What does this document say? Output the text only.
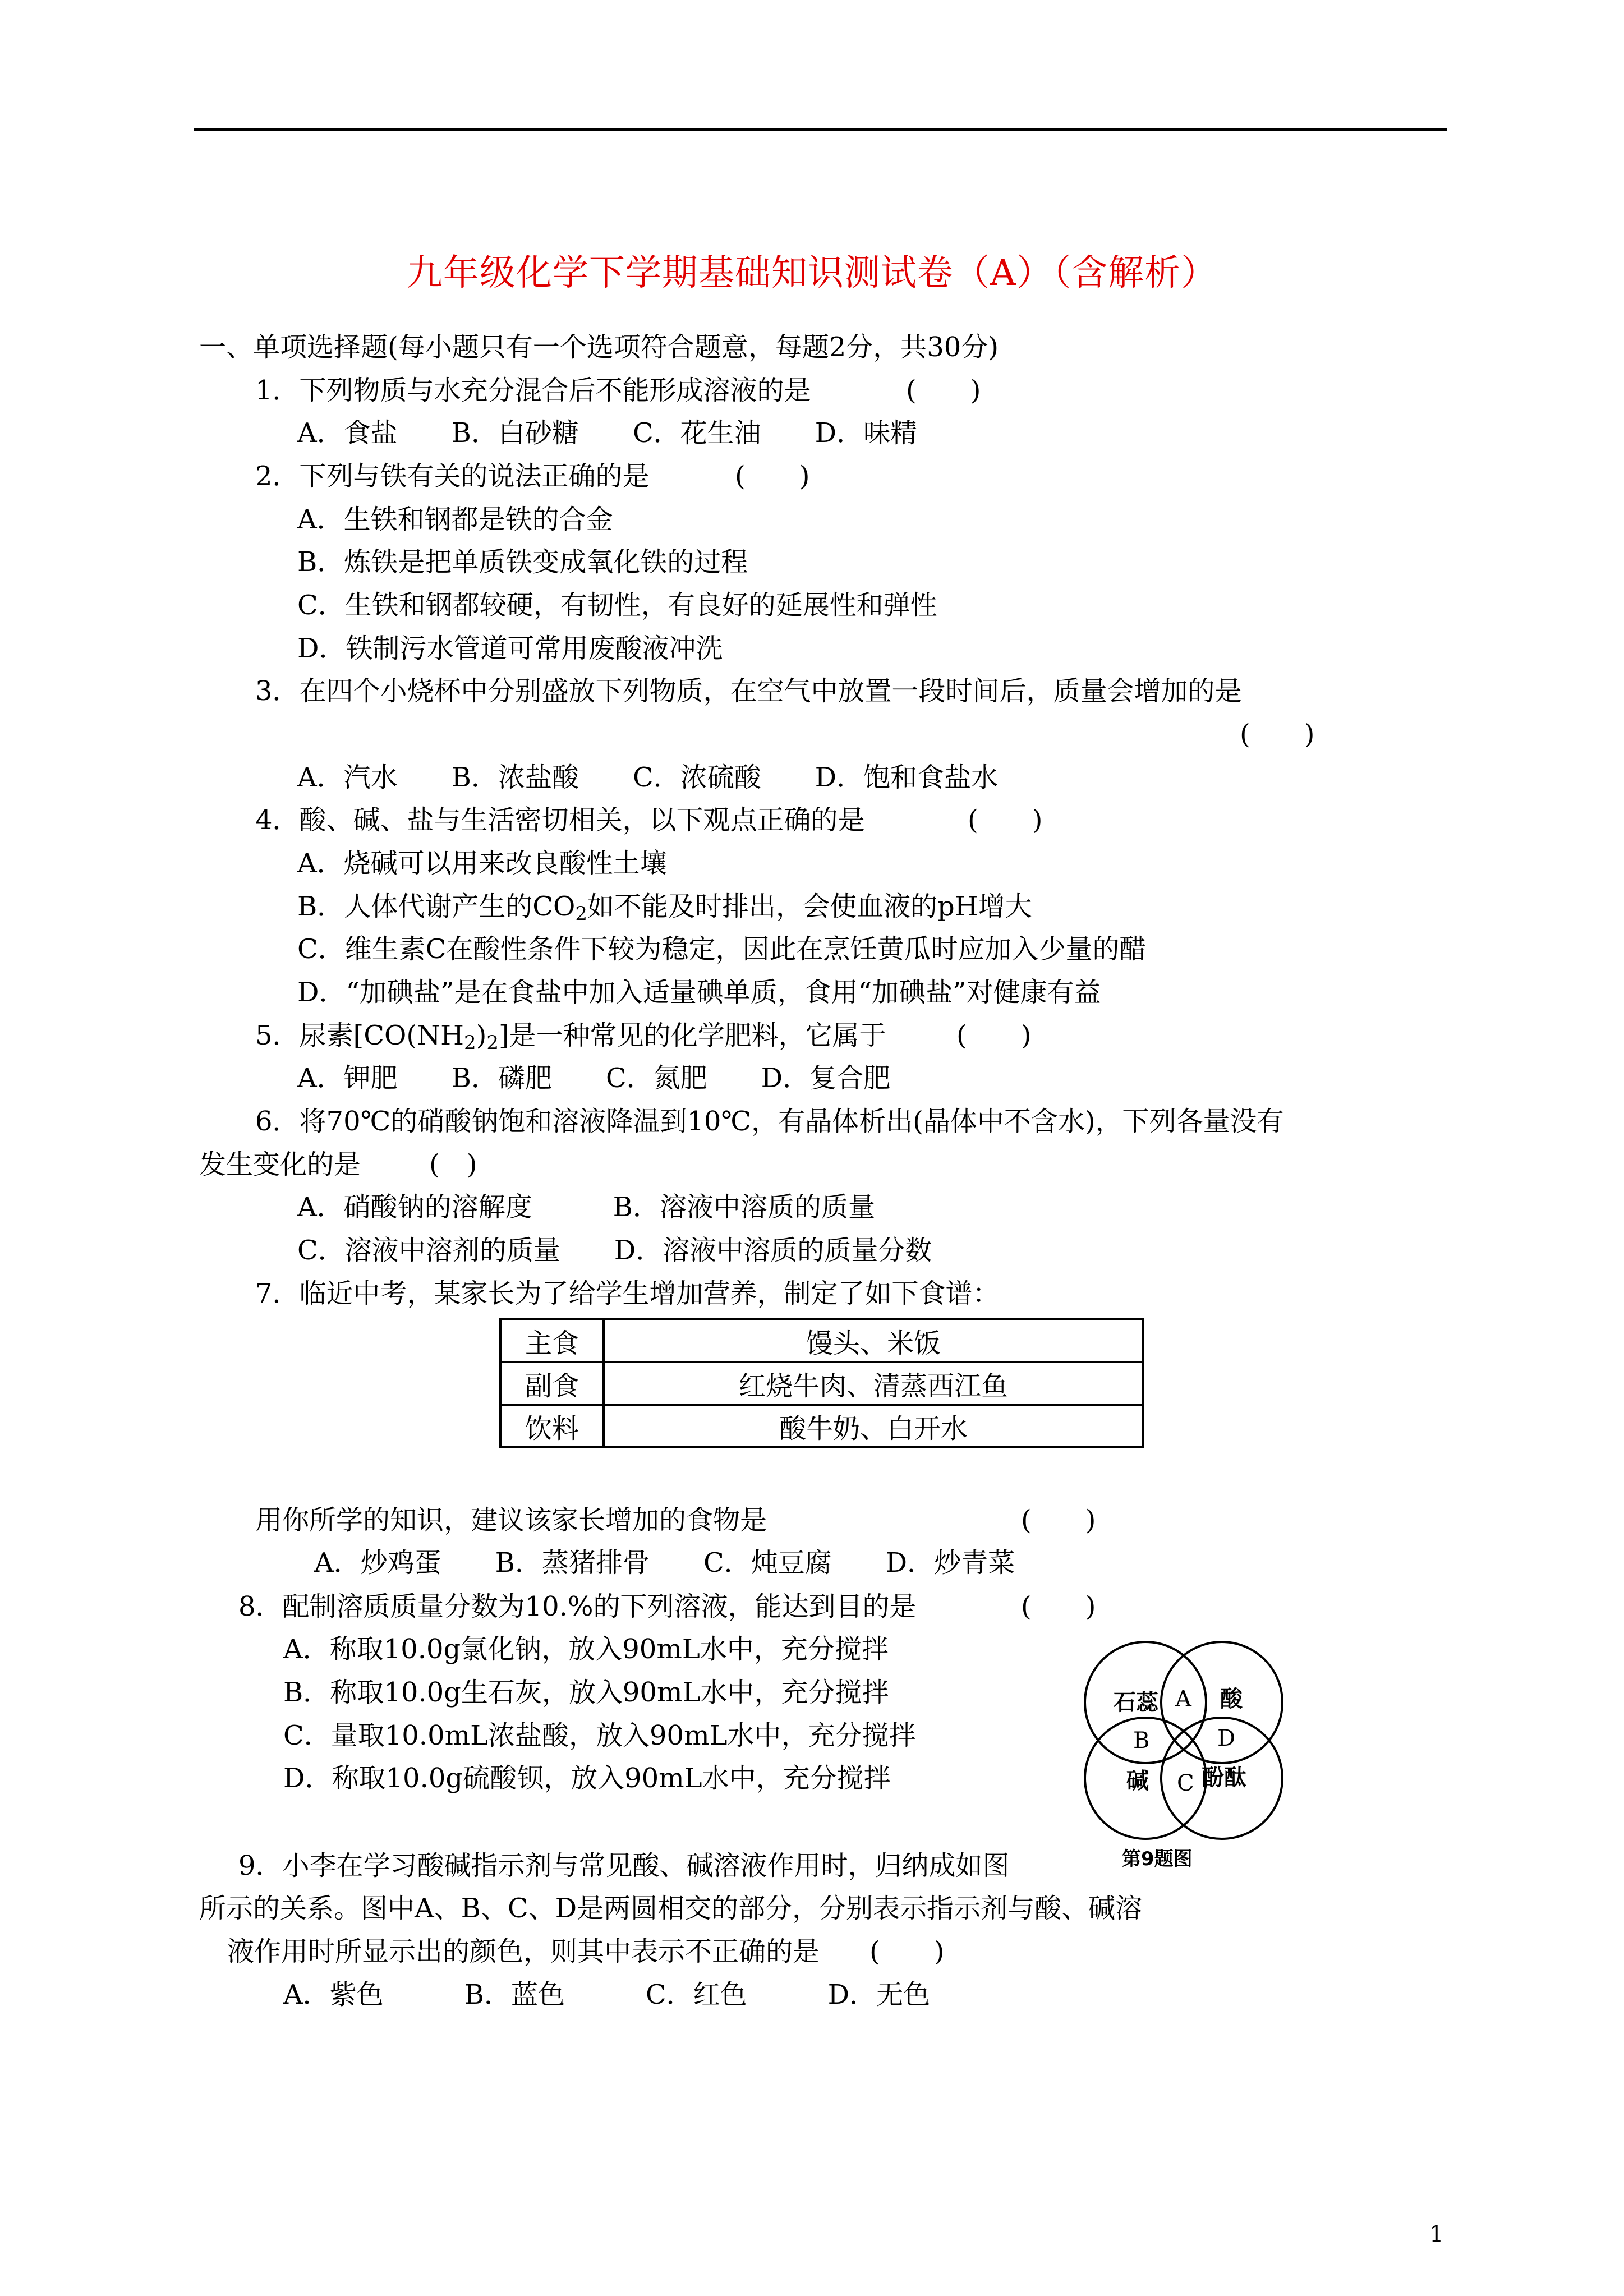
九年级化学下学期基础知识测试卷（A）（含解析）
一、单项选择题(每小题只有一个选项符合题意，每题2分，共30分)
1．下列物质与水充分混合后不能形成溶液的是	(　　)
A．食盐　　B．白砂糖　　C．花生油　　D．味精
2．下列与铁有关的说法正确的是	(　　)
A．生铁和钢都是铁的合金
B．炼铁是把单质铁变成氧化铁的过程
C．生铁和钢都较硬，有韧性，有良好的延展性和弹性
D．铁制污水管道可常用废酸液冲洗
3．在四个小烧杯中分别盛放下列物质，在空气中放置一段时间后，质量会增加的是
(　　)
A．汽水　　B．浓盐酸　　C．浓硫酸　　D．饱和食盐水
4．酸、碱、盐与生活密切相关，以下观点正确的是	(　　)
A．烧碱可以用来改良酸性土壤
B．人体代谢产生的$CO_2$如不能及时排出，会使血液的pH增大
C．维生素C在酸性条件下较为稳定，因此在烹饪黄瓜时应加入少量的醋
D．“加碘盐”是在食盐中加入适量碘单质，食用“加碘盐”对健康有益
5．尿素$[CO(NH_2)_2]$是一种常见的化学肥料，它属于	(　　)
A．钾肥　　B．磷肥　　C．氮肥　　D．复合肥
6．将70℃的硝酸钠饱和溶液降温到10℃，有晶体析出(晶体中不含水)，下列各量没有
发生变化的是	(　)
A．硝酸钠的溶解度　　　B．溶液中溶质的质量
C．溶液中溶剂的质量　　D．溶液中溶质的质量分数
7．临近中考，某家长为了给学生增加营养，制定了如下食谱：
主食	馒头、米饭
副食	红烧牛肉、清蒸西江鱼
饮料	酸牛奶、白开水
用你所学的知识，建议该家长增加的食物是	(　　)
A．炒鸡蛋　　B．蒸猪排骨　　C．炖豆腐　　D．炒青菜
8．配制溶质质量分数为10.%的下列溶液，能达到目的是	(　　)
A．称取10.0g氯化钠，放入90mL水中，充分搅拌
B．称取10.0g生石灰，放入90mL水中，充分搅拌
C．量取10.0mL浓盐酸，放入90mL水中，充分搅拌
D．称取10.0g硫酸钡，放入90mL水中，充分搅拌
石蕊	酸
碱 酚酞
A
B
C
D
第9题图
9．小李在学习酸碱指示剂与常见酸、碱溶液作用时，归纳成如图
所示的关系。图中A、B、C、D是两圆相交的部分，分别表示指示剂与酸、碱溶
液作用时所显示出的颜色，则其中表示不正确的是 (　　)
A．紫色　　　B．蓝色　　　C．红色　　　D．无色
1
